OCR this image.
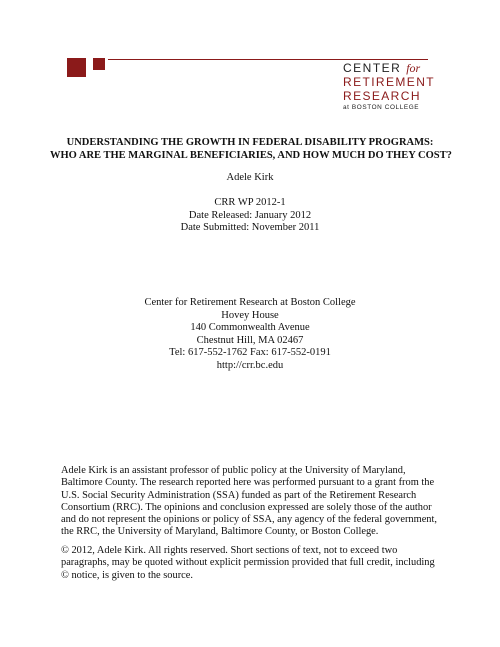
CENTER for
RETIREMENT
RESEARCH
at BOSTON COLLEGE
UNDERSTANDING THE GROWTH IN FEDERAL DISABILITY PROGRAMS:
WHO ARE THE MARGINAL BENEFICIARIES, AND HOW MUCH DO THEY COST?

Adele Kirk

CRR WP 2012-1
Date Released: January 2012
Date Submitted: November 2011

Center for Retirement Research at Boston College
Hovey House
140 Commonwealth Avenue
Chestnut Hill, MA 02467
Tel: 617-552-1762 Fax: 617-552-0191
http://crr.bc.edu

Adele Kirk is an assistant professor of public policy at the University of Maryland, Baltimore County. The research reported here was performed pursuant to a grant from the U.S. Social Security Administration (SSA) funded as part of the Retirement Research Consortium (RRC). The opinions and conclusion expressed are solely those of the author and do not represent the opinions or policy of SSA, any agency of the federal government, the RRC, the University of Maryland, Baltimore County, or Boston College.

© 2012, Adele Kirk. All rights reserved. Short sections of text, not to exceed two paragraphs, may be quoted without explicit permission provided that full credit, including © notice, is given to the source.
